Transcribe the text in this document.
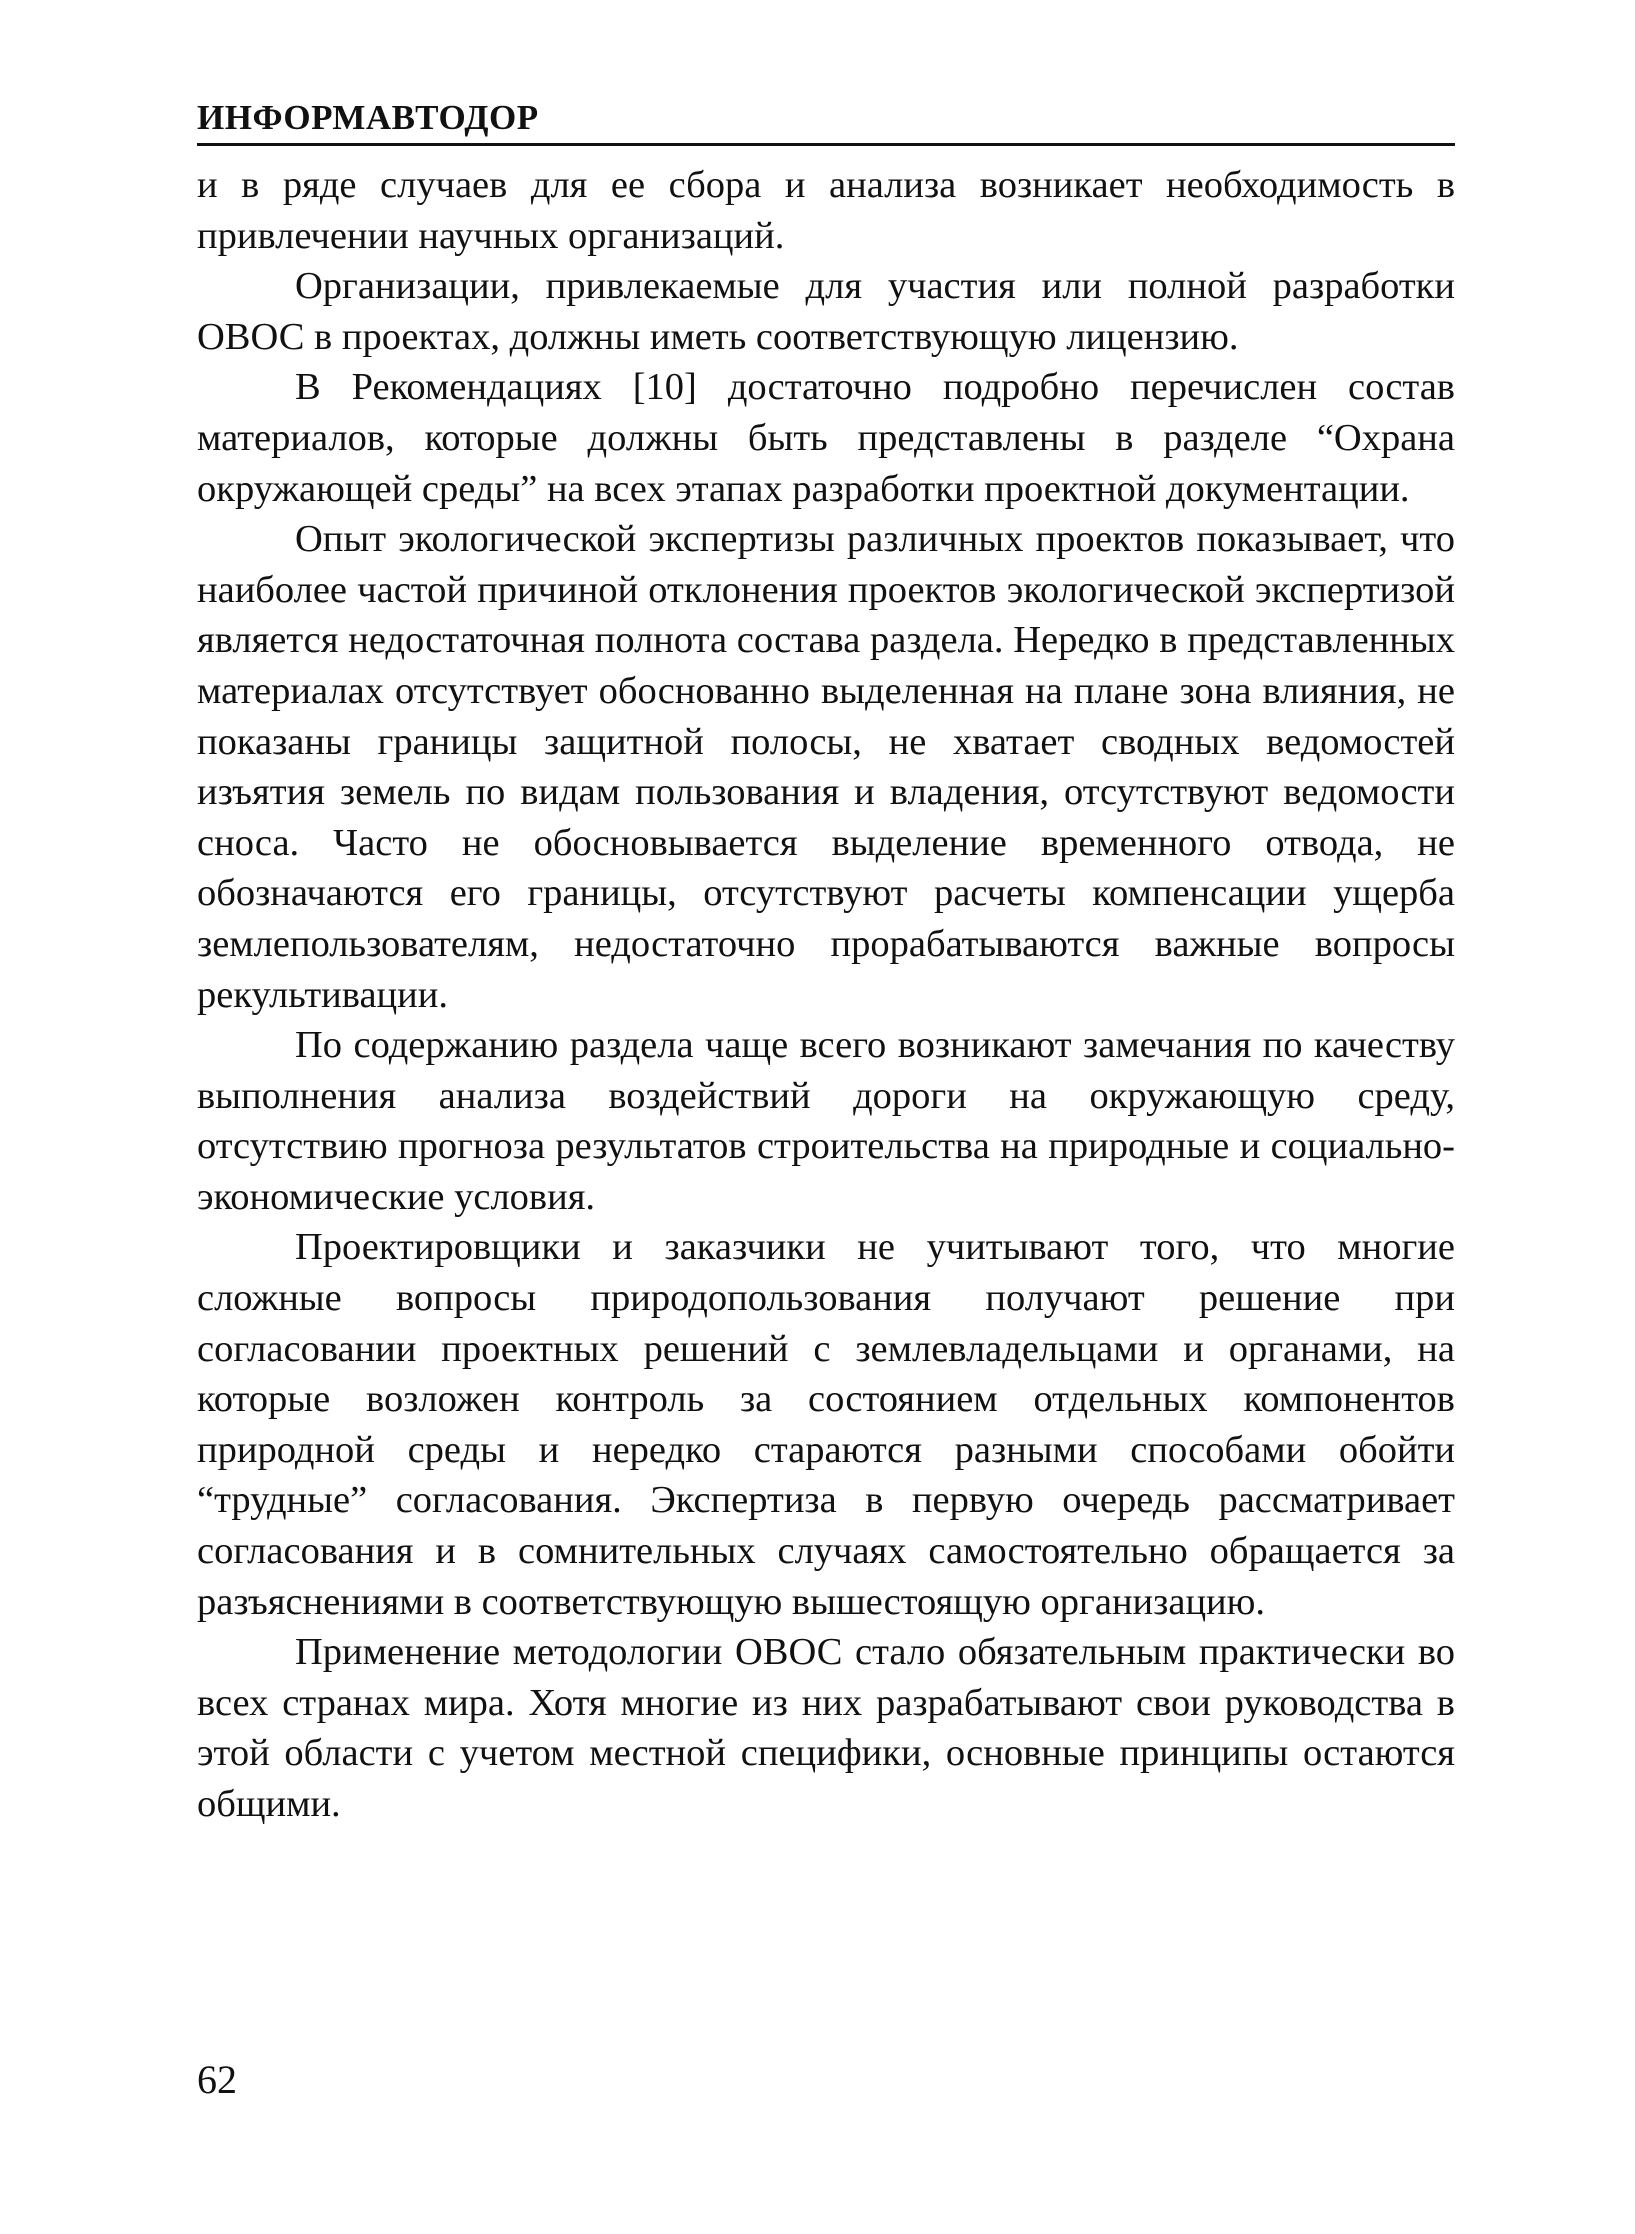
ИНФОРМАВТОДОР

и в ряде случаев для ее сбора и анализа возникает необходимость в привлечении научных организаций.

Организации, привлекаемые для участия или полной разработки ОВОС в проектах, должны иметь соответствующую лицензию.

В Рекомендациях [10] достаточно подробно перечислен состав материалов, которые должны быть представлены в разделе “Охрана окружающей среды” на всех этапах разработки проектной документации.

Опыт экологической экспертизы различных проектов показывает, что наиболее частой причиной отклонения проектов экологической экспертизой является недостаточная полнота состава раздела. Нередко в представленных материалах отсутствует обоснованно выделенная на плане зона влияния, не показаны границы защитной полосы, не хватает сводных ведомостей изъятия земель по видам пользования и владения, отсутствуют ведомости сноса. Часто не обосновывается выделение временного отвода, не обозначаются его границы, отсутствуют расчеты компенсации ущерба землепользователям, недостаточно прорабатываются важные вопросы рекультивации.

По содержанию раздела чаще всего возникают замечания по качеству выполнения анализа воздействий дороги на окружающую среду, отсутствию прогноза результатов строительства на природные и социально-экономические условия.

Проектировщики и заказчики не учитывают того, что многие сложные вопросы природопользования получают решение при согласовании проектных решений с землевладельцами и органами, на которые возложен контроль за состоянием отдельных компонентов природной среды и нередко стараются разными способами обойти “трудные” согласования. Экспертиза в первую очередь рассматривает согласования и в сомнительных случаях самостоятельно обращается за разъяснениями в соответствующую вышестоящую организацию.

Применение методологии ОВОС стало обязательным практически во всех странах мира. Хотя многие из них разрабатывают свои руководства в этой области с учетом местной специфики, основные принципы остаются общими.

62
